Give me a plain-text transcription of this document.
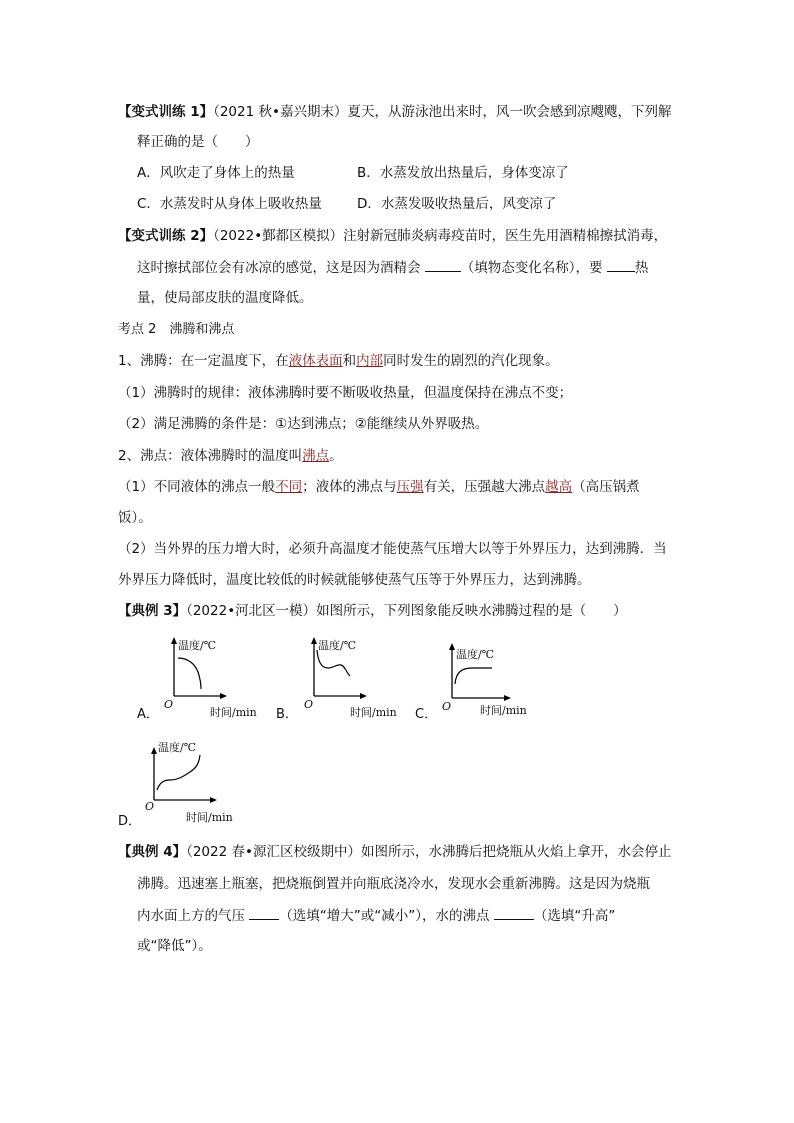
【变式训练 1】（2021 秋•嘉兴期末）夏天，从游泳池出来时，风一吹会感到凉飕飕，下列解
释正确的是（　　）
A．风吹走了身体上的热量	B．水蒸发放出热量后，身体变凉了
C．水蒸发时从身体上吸收热量	D．水蒸发吸收热量后，风变凉了
【变式训练 2】（2022•鄞都区模拟）注射新冠肺炎病毒疫苗时，医生先用酒精棉擦拭消毒，
这时擦拭部位会有冰凉的感觉，这是因为酒精会	（填物态变化名称），要 热
量，使局部皮肤的温度降低。
考点 2　沸腾和沸点
1、沸腾：在一定温度下，在液体表面和内部同时发生的剧烈的汽化现象。
（1）沸腾时的规律：液体沸腾时要不断吸收热量，但温度保持在沸点不变；
（2）满足沸腾的条件是：①达到沸点；②能继续从外界吸热。
2、沸点：液体沸腾时的温度叫沸点。
（1）不同液体的沸点一般不同；液体的沸点与压强有关，压强越大沸点越高（高压锅煮
饭）。
（2）当外界的压力增大时，必须升高温度才能使蒸气压增大以等于外界压力，达到沸腾．当
外界压力降低时，温度比较低的时候就能够使蒸气压等于外界压力，达到沸腾。
【典例 3】（2022•河北区一模）如图所示，下列图象能反映水沸腾过程的是（　　）
A．
温度/℃
O
时间/min B．
温度/℃
O
时间/min C．
温度/℃
O	时间/min
D．
温度/℃
O
时间/min
【典例 4】（2022 春•源汇区校级期中）如图所示，水沸腾后把烧瓶从火焰上拿开，水会停止
沸腾。迅速塞上瓶塞，把烧瓶倒置并向瓶底浇冷水，发现水会重新沸腾。这是因为烧瓶
内水面上方的气压 （选填“增大”或“减小”），水的沸点	（选填“升高”
或“降低”）。
